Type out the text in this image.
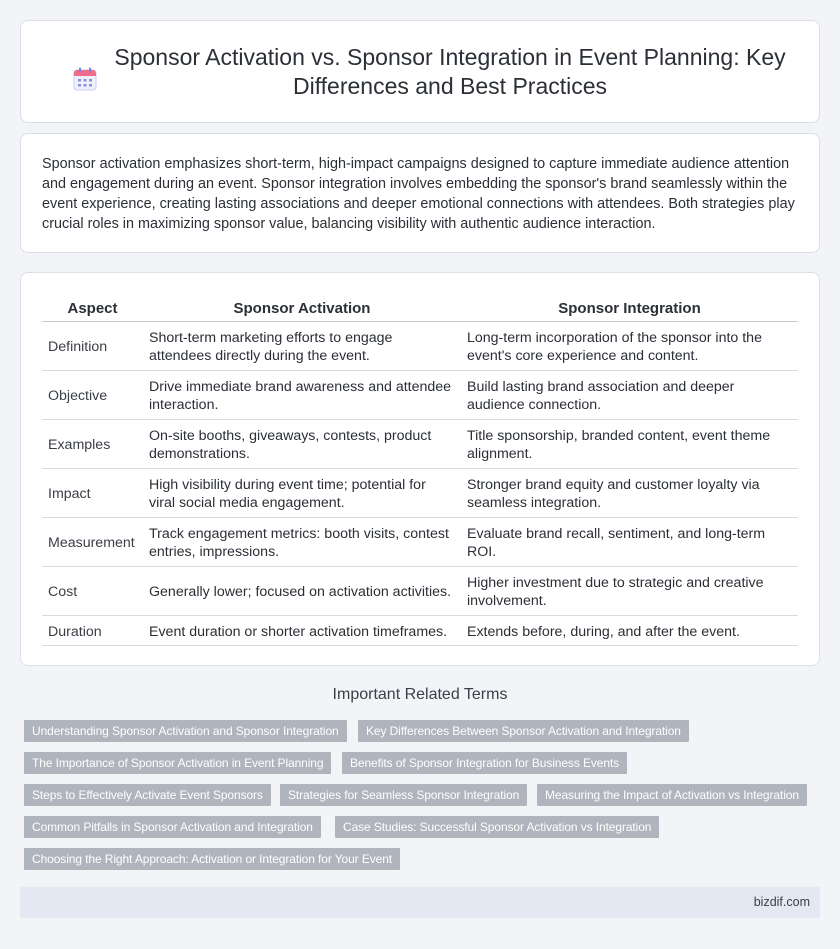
Sponsor Activation vs. Sponsor Integration in Event Planning: Key Differences and Best Practices

Sponsor activation emphasizes short-term, high-impact campaigns designed to capture immediate audience attention and engagement during an event. Sponsor integration involves embedding the sponsor's brand seamlessly within the event experience, creating lasting associations and deeper emotional connections with attendees. Both strategies play crucial roles in maximizing sponsor value, balancing visibility with authentic audience interaction.

Aspect	Sponsor Activation	Sponsor Integration
Definition	Short-term marketing efforts to engage attendees directly during the event.	Long-term incorporation of the sponsor into the event's core experience and content.
Objective	Drive immediate brand awareness and attendee interaction.	Build lasting brand association and deeper audience connection.
Examples	On-site booths, giveaways, contests, product demonstrations.	Title sponsorship, branded content, event theme alignment.
Impact	High visibility during event time; potential for viral social media engagement.	Stronger brand equity and customer loyalty via seamless integration.
Measurement	Track engagement metrics: booth visits, contest entries, impressions.	Evaluate brand recall, sentiment, and long-term ROI.
Cost	Generally lower; focused on activation activities.	Higher investment due to strategic and creative involvement.
Duration	Event duration or shorter activation timeframes.	Extends before, during, and after the event.
Important Related Terms
Understanding Sponsor Activation and Sponsor Integration	Key Differences Between Sponsor Activation and Integration
The Importance of Sponsor Activation in Event Planning	Benefits of Sponsor Integration for Business Events
Steps to Effectively Activate Event Sponsors	Strategies for Seamless Sponsor Integration	Measuring the Impact of Activation vs Integration
Common Pitfalls in Sponsor Activation and Integration	Case Studies: Successful Sponsor Activation vs Integration
Choosing the Right Approach: Activation or Integration for Your Event
bizdif.com
